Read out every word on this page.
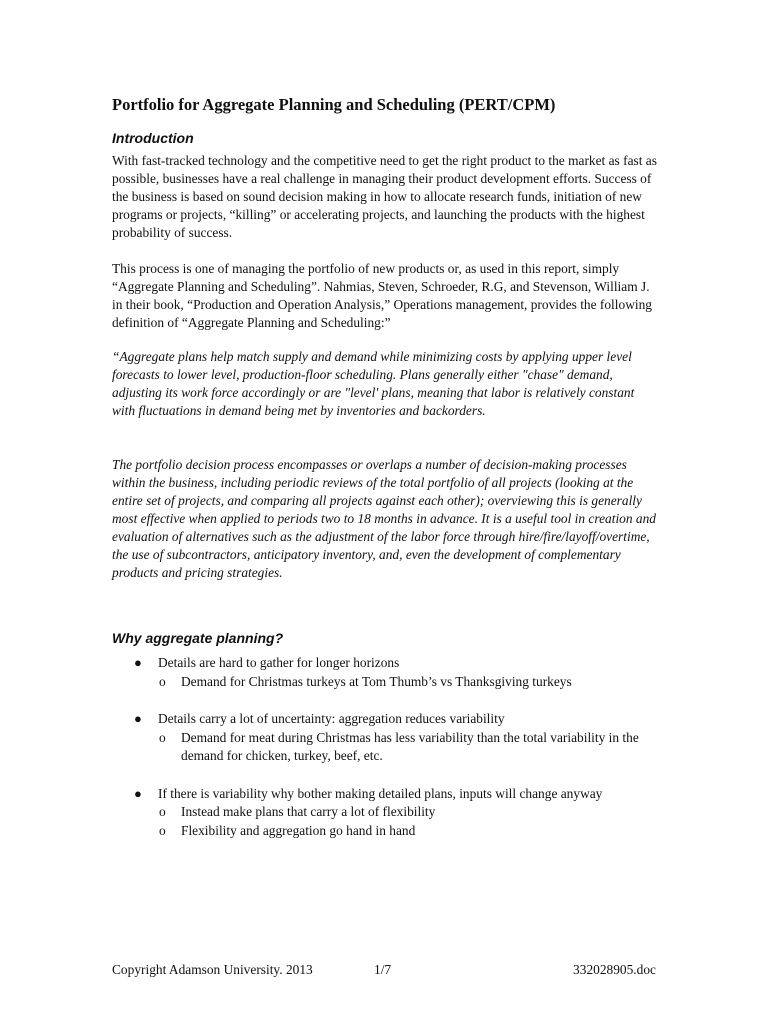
Portfolio for Aggregate Planning and Scheduling (PERT/CPM)
Introduction

With fast-tracked technology and the competitive need to get the right product to the market as fast as possible, businesses have a real challenge in managing their product development efforts. Success of the business is based on sound decision making in how to allocate research funds, initiation of new programs or projects, “killing” or accelerating projects, and launching the products with the highest probability of success.

This process is one of managing the portfolio of new products or, as used in this report, simply “Aggregate Planning and Scheduling”. Nahmias, Steven, Schroeder, R.G, and Stevenson, William J. in their book, “Production and Operation Analysis,” Operations management, provides the following definition of “Aggregate Planning and Scheduling:”

“Aggregate plans help match supply and demand while minimizing costs by applying upper level forecasts to lower level, production-floor scheduling. Plans generally either "chase" demand, adjusting its work force accordingly or are "level' plans, meaning that labor is relatively constant with fluctuations in demand being met by inventories and backorders.

The portfolio decision process encompasses or overlaps a number of decision-making processes within the business, including periodic reviews of the total portfolio of all projects (looking at the entire set of projects, and comparing all projects against each other); overviewing this is generally most effective when applied to periods two to 18 months in advance. It is a useful tool in creation and evaluation of alternatives such as the adjustment of the labor force through hire/fire/layoff/overtime, the use of subcontractors, anticipatory inventory, and, even the development of complementary products and pricing strategies.

Why aggregate planning?
● Details are hard to gather for longer horizons
o Demand for Christmas turkeys at Tom Thumb’s vs Thanksgiving turkeys
● Details carry a lot of uncertainty: aggregation reduces variability
o Demand for meat during Christmas has less variability than the total variability in the demand for chicken, turkey, beef, etc.
● If there is variability why bother making detailed plans, inputs will change anyway
o Instead make plans that carry a lot of flexibility
o Flexibility and aggregation go hand in hand
Copyright Adamson University. 2013	1/7	332028905.doc
